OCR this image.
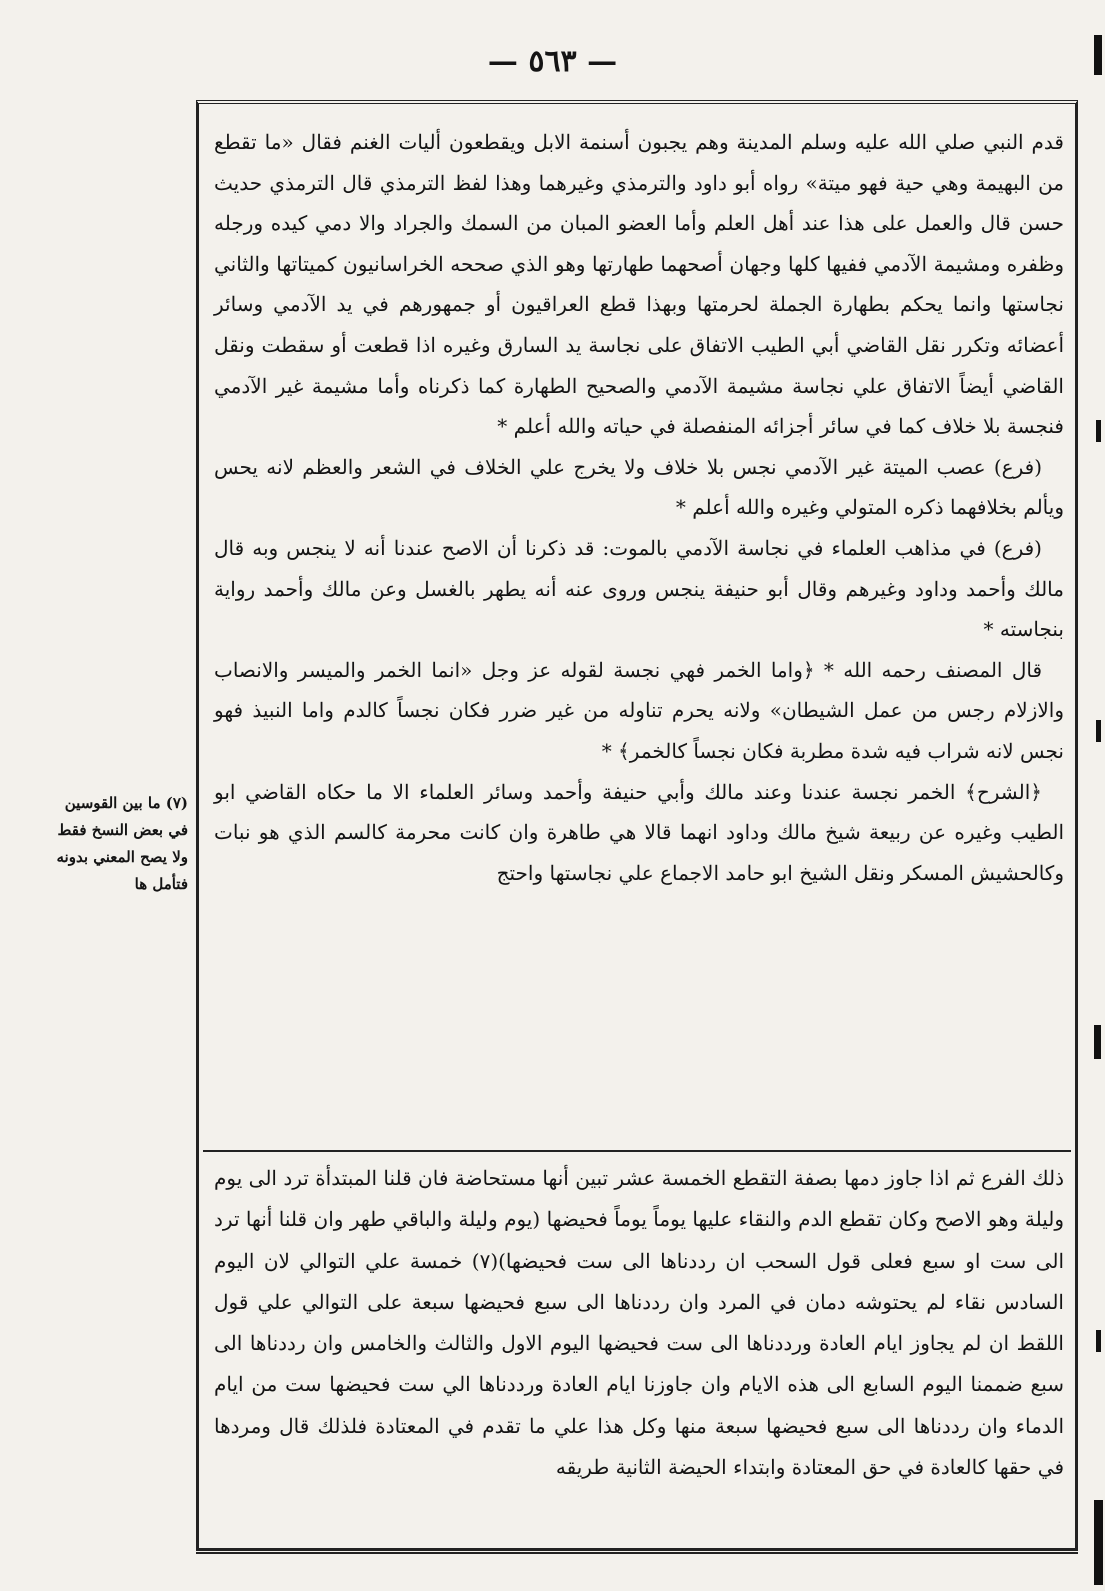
— ٥٦٣ —

قدم النبي صلي الله عليه وسلم المدينة وهم يجبون أسنمة الابل ويقطعون أليات الغنم فقال «ما تقطع من البهيمة وهي حية فهو ميتة» رواه أبو داود والترمذي وغيرهما وهذا لفظ الترمذي قال الترمذي حديث حسن قال والعمل على هذا عند أهل العلم وأما العضو المبان من السمك والجراد والا دمي كيده ورجله وظفره ومشيمة الآدمي ففيها كلها وجهان أصحهما طهارتها وهو الذي صححه الخراسانيون كميتاتها والثاني نجاستها وانما يحكم بطهارة الجملة لحرمتها وبهذا قطع العراقيون أو جمهورهم في يد الآدمي وسائر أعضائه وتكرر نقل القاضي أبي الطيب الاتفاق على نجاسة يد السارق وغيره اذا قطعت أو سقطت ونقل القاضي أيضاً الاتفاق علي نجاسة مشيمة الآدمي والصحيح الطهارة كما ذكرناه وأما مشيمة غير الآدمي فنجسة بلا خلاف كما في سائر أجزائه المنفصلة في حياته والله أعلم *

(فرع) عصب الميتة غير الآدمي نجس بلا خلاف ولا يخرج علي الخلاف في الشعر والعظم لانه يحس ويألم بخلافهما ذكره المتولي وغيره والله أعلم *

(فرع) في مذاهب العلماء في نجاسة الآدمي بالموت: قد ذكرنا أن الاصح عندنا أنه لا ينجس وبه قال مالك وأحمد وداود وغيرهم وقال أبو حنيفة ينجس وروى عنه أنه يطهر بالغسل وعن مالك وأحمد رواية بنجاسته *

قال المصنف رحمه الله * ﴿واما الخمر فهي نجسة لقوله عز وجل «انما الخمر والميسر والانصاب والازلام رجس من عمل الشيطان» ولانه يحرم تناوله من غير ضرر فكان نجساً كالدم واما النبيذ فهو نجس لانه شراب فيه شدة مطربة فكان نجساً كالخمر﴾ *

﴿الشرح﴾ الخمر نجسة عندنا وعند مالك وأبي حنيفة وأحمد وسائر العلماء الا ما حكاه القاضي ابو الطيب وغيره عن ربيعة شيخ مالك وداود انهما قالا هي طاهرة وان كانت محرمة كالسم الذي هو نبات وكالحشيش المسكر ونقل الشيخ ابو حامد الاجماع علي نجاستها واحتج

ذلك الفرع ثم اذا جاوز دمها بصفة التقطع الخمسة عشر تبين أنها مستحاضة فان قلنا المبتدأة ترد الى يوم وليلة وهو الاصح وكان تقطع الدم والنقاء عليها يوماً يوماً فحيضها (يوم وليلة والباقي طهر وان قلنا أنها ترد الى ست او سبع فعلى قول السحب ان رددناها الى ست فحيضها)(٧) خمسة علي التوالي لان اليوم السادس نقاء لم يحتوشه دمان في المرد وان رددناها الى سبع فحيضها سبعة على التوالي علي قول اللقط ان لم يجاوز ايام العادة ورددناها الى ست فحيضها اليوم الاول والثالث والخامس وان رددناها الى سبع ضممنا اليوم السابع الى هذه الايام وان جاوزنا ايام العادة ورددناها الي ست فحيضها ست من ايام الدماء وان رددناها الى سبع فحيضها سبعة منها وكل هذا علي ما تقدم في المعتادة فلذلك قال ومردها في حقها كالعادة في حق المعتادة وابتداء الحيضة الثانية طريقه

(٧) ما بين القوسين في بعض النسخ فقط ولا يصح المعني بدونه فتأمل ها
